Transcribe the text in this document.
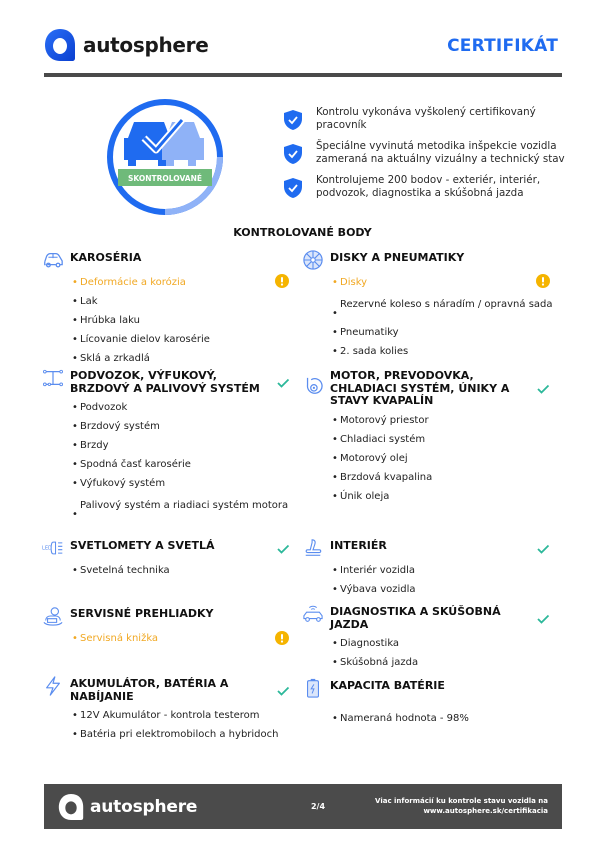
autosphere	CERTIFIKÁT
SKONTROLOVANÉ
Kontrolu vykonáva vyškolený certifikovaný pracovník
Špeciálne vyvinutá metodika inšpekcie vozidla zameraná na aktuálny vizuálny a technický stav
Kontrolujeme 200 bodov - exteriér, interiér, podvozok, diagnostika a skúšobná jazda
KONTROLOVANÉ BODY
KAROSÉRIA
• Deformácie a korózia
• Lak
• Hrúbka laku
• Lícovanie dielov karosérie
• Sklá a zrkadlá
PODVOZOK, VÝFUKOVÝ, BRZDOVÝ A PALIVOVÝ SYSTÉM
• Podvozok
• Brzdový systém
• Brzdy
• Spodná časť karosérie
• Výfukový systém
•
Palivový systém a riadiaci systém motora
LED SVETLOMETY A SVETLÁ
• Svetelná technika
SERVISNÉ PREHLIADKY
• Servisná knižka
AKUMULÁTOR, BATÉRIA A NABÍJANIE
• 12V Akumulátor - kontrola testerom
• Batéria pri elektromobiloch a hybridoch
DISKY A PNEUMATIKY
• Disky
•
Rezervné koleso s náradím / opravná sada
• Pneumatiky
• 2. sada kolies
MOTOR, PREVODOVKA, CHLADIACI SYSTÉM, ÚNIKY A STAVY KVAPALÍN
• Motorový priestor
• Chladiaci systém
• Motorový olej
• Brzdová kvapalina
• Únik oleja
INTERIÉR
• Interiér vozidla
• Výbava vozidla
DIAGNOSTIKA A SKÚŠOBNÁ JAZDA
• Diagnostika
• Skúšobná jazda
KAPACITA BATÉRIE
• Nameraná hodnota - 98%
autosphere	2/4
Viac informácií ku kontrole stavu vozidla na
www.autosphere.sk/certifikacia
